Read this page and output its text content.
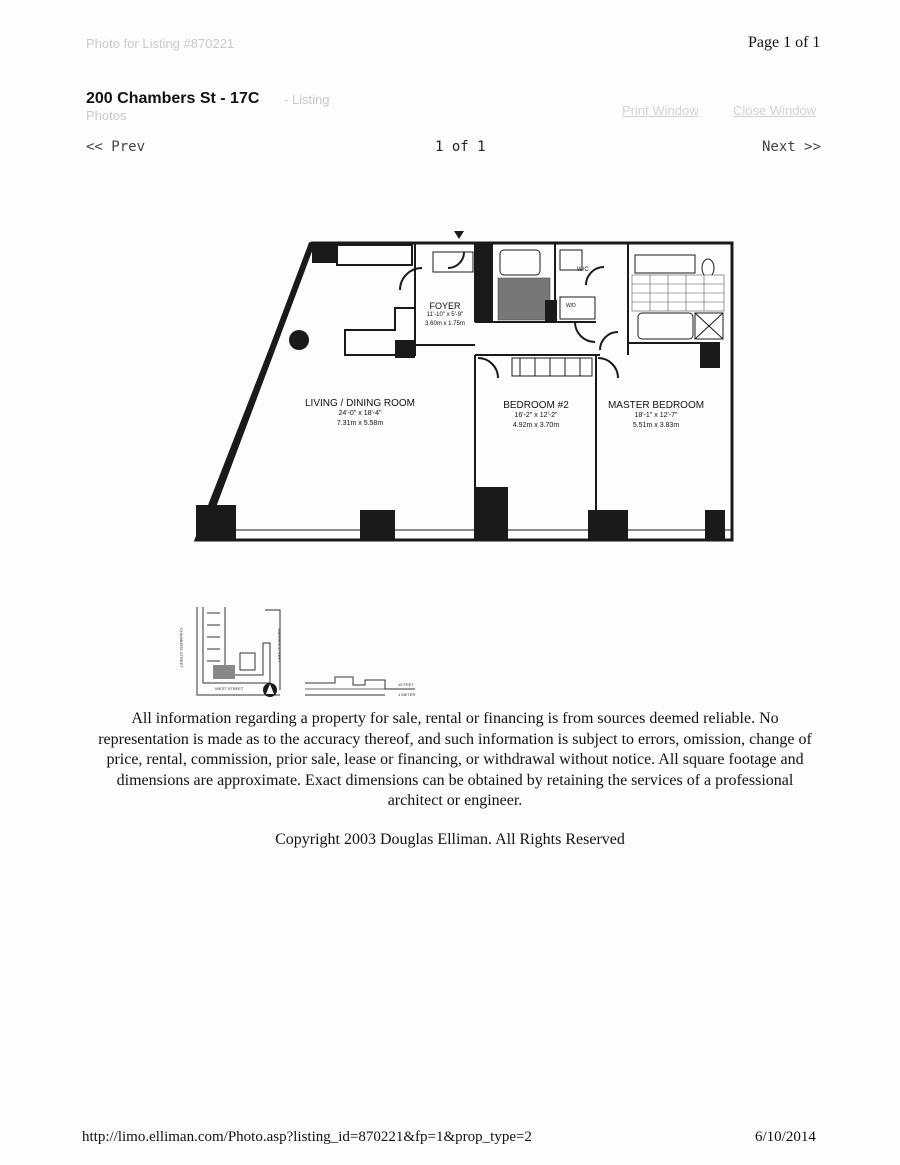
Photo for Listing #870221	Page 1 of 1
200 Chambers St - 17C - Listing
Photos	Print Window	Close Window
<< Prev	1 of 1	Next >>
FOYER
11'-10" x 5'-9"
3.60m x 1.75m
LIVING / DINING ROOM
24'-0" x 18'-4"
7.31m x 5.58m
BEDROOM #2
16'-2" x 12'-2"
4.92m x 3.70m
MASTER BEDROOM
18'-1" x 12'-7"
5.51m x 3.83m
W/C
W/D
CHAMBERS STREET	WARREN STREET
WEST STREET
10 FEET
1 METER
All information regarding a property for sale, rental or financing is from sources deemed reliable. No representation is made as to the accuracy thereof, and such information is subject to errors, omission, change of price, rental, commission, prior sale, lease or financing, or withdrawal without notice. All square footage and dimensions are approximate. Exact dimensions can be obtained by retaining the services of a professional architect or engineer.
Copyright 2003 Douglas Elliman. All Rights Reserved
http://limo.elliman.com/Photo.asp?listing_id=870221&fp=1&prop_type=2	6/10/2014
